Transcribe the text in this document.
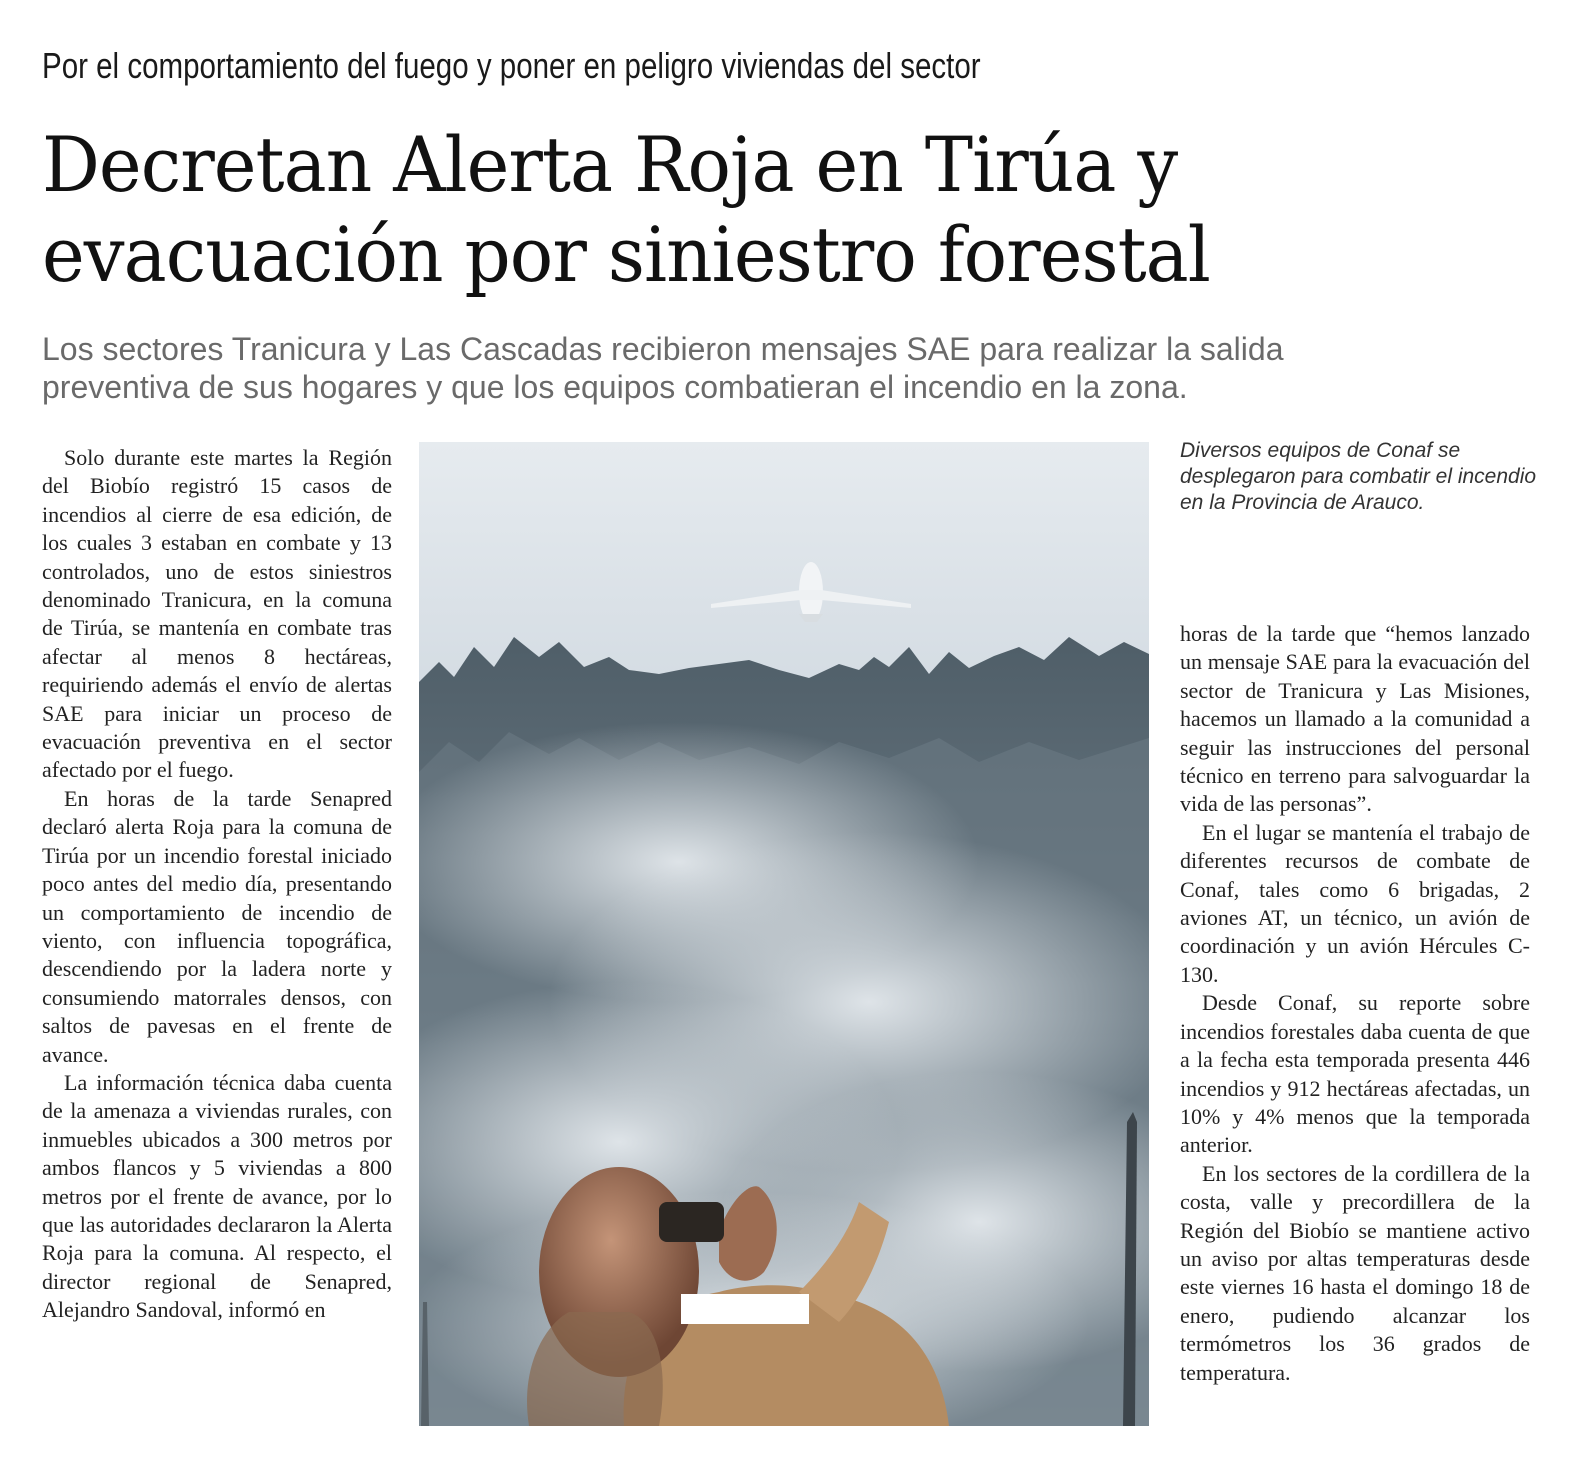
Por el comportamiento del fuego y poner en peligro viviendas del sector
Decretan Alerta Roja en Tirúa y
evacuación por siniestro forestal
Los sectores Tranicura y Las Cascadas recibieron mensajes SAE para realizar la salida
preventiva de sus hogares y que los equipos combatieran el incendio en la zona.

Solo durante este martes la Región del Biobío registró 15 casos de incendios al cierre de esa edición, de los cuales 3 estaban en combate y 13 controlados, uno de estos siniestros denominado Tranicura, en la comuna de Tirúa, se mantenía en combate tras afectar al menos 8 hectáreas, requiriendo además el envío de alertas SAE para iniciar un proceso de evacuación preventiva en el sector afectado por el fuego.

En horas de la tarde Senapred declaró alerta Roja para la comuna de Tirúa por un incendio forestal iniciado poco antes del medio día, presentando un comportamiento de incendio de viento, con influencia topográfica, descendiendo por la ladera norte y consumiendo matorrales densos, con saltos de pavesas en el frente de avance.

La información técnica daba cuenta de la amenaza a viviendas rurales, con inmuebles ubicados a 300 metros por ambos flancos y 5 viviendas a 800 metros por el frente de avance, por lo que las autoridades declararon la Alerta Roja para la comuna. Al respecto, el director regional de Senapred, Alejandro Sandoval, informó en

Diversos equipos de Conaf se desplegaron para combatir el incendio en la Provincia de Arauco.

horas de la tarde que “hemos lanzado un mensaje SAE para la evacuación del sector de Tranicura y Las Misiones, hacemos un llamado a la comunidad a seguir las instrucciones del personal técnico en terreno para salvoguardar la vida de las personas”.

En el lugar se mantenía el trabajo de diferentes recursos de combate de Conaf, tales como 6 brigadas, 2 aviones AT, un técnico, un avión de coordinación y un avión Hércules C-130.

Desde Conaf, su reporte sobre incendios forestales daba cuenta de que a la fecha esta temporada presenta 446 incendios y 912 hectáreas afectadas, un 10% y 4% menos que la temporada anterior.

En los sectores de la cordillera de la costa, valle y precordillera de la Región del Biobío se mantiene activo un aviso por altas temperaturas desde este viernes 16 hasta el domingo 18 de enero, pudiendo alcanzar los termómetros los 36 grados de temperatura.
